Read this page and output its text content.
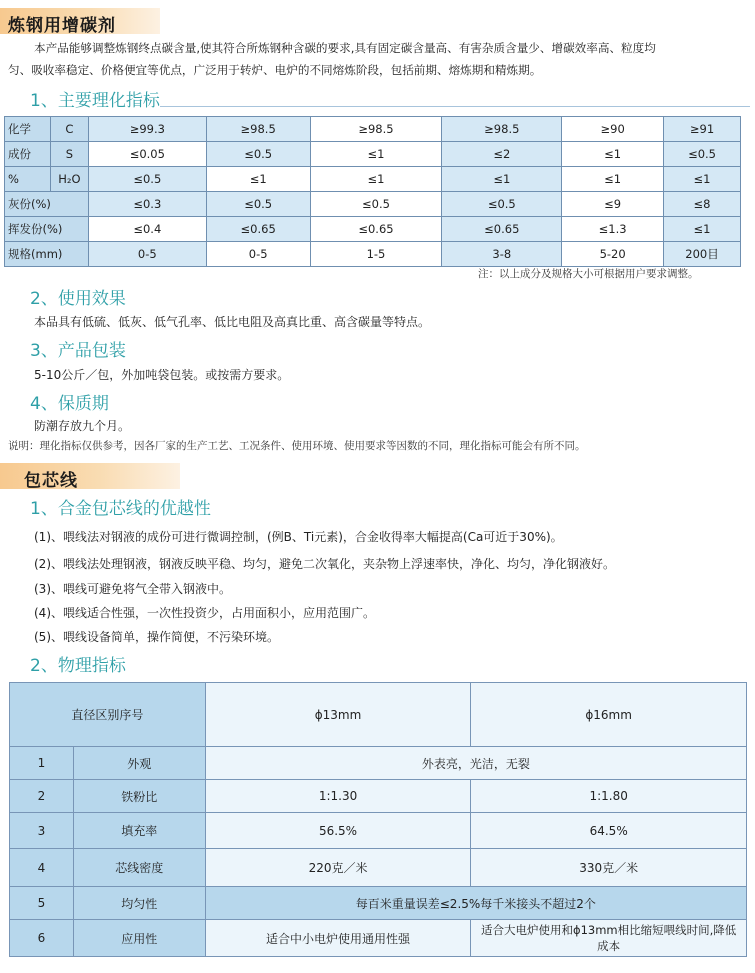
炼钢用增碳剂
本产品能够调整炼钢终点碳含量,使其符合所炼钢种含碳的要求,具有固定碳含量高、有害杂质含量少、增碳效率高、粒度均
匀、吸收率稳定、价格便宜等优点，广泛用于转炉、电炉的不同熔炼阶段，包括前期、熔炼期和精炼期。
1、主要理化指标
化学	C	≥99.3	≥98.5	≥98.5	≥98.5	≥90	≥91
成份	S	≤0.05	≤0.5	≤1	≤2	≤1	≤0.5
%	H₂O	≤0.5	≤1	≤1	≤1	≤1	≤1
灰份(%)		≤0.3	≤0.5	≤0.5	≤0.5	≤9	≤8
挥发份(%)		≤0.4	≤0.65	≤0.65	≤0.65	≤1.3	≤1
规格(mm)		0-5	0-5	1-5	3-8	5-20	200目
注：以上成分及规格大小可根据用户要求调整。
2、使用效果
本品具有低硫、低灰、低气孔率、低比电阻及高真比重、高含碳量等特点。
3、产品包装
5-10公斤／包，外加吨袋包装。或按需方要求。
4、保质期
防潮存放九个月。
说明：理化指标仅供参考，因各厂家的生产工艺、工况条件、使用环境、使用要求等因数的不同，理化指标可能会有所不同。
包芯线
1、合金包芯线的优越性
(1)、喂线法对钢液的成份可进行微调控制，(例B、Ti元素)，合金收得率大幅提高(Ca可近于30%)。
(2)、喂线法处理钢液，钢液反映平稳、均匀，避免二次氧化，夹杂物上浮速率快，净化、均匀，净化钢液好。
(3)、喂线可避免将气全带入钢液中。
(4)、喂线适合性强，一次性投资少，占用面积小，应用范围广。
(5)、喂线设备简单，操作简便，不污染环境。
2、物理指标
直径区别序号		ϕ13mm	ϕ16mm
1	外观	外表亮，光洁，无裂	
2	铁粉比	1:1.30	1:1.80
3	填充率	56.5%	64.5%
4	芯线密度	220克／米	330克／米
5	均匀性	每百米重量误差≤2.5%每千米接头不超过2个	
6	应用性	适合中小电炉使用通用性强	适合大电炉使用和ϕ13mm相比缩短喂线时间,降低成本
